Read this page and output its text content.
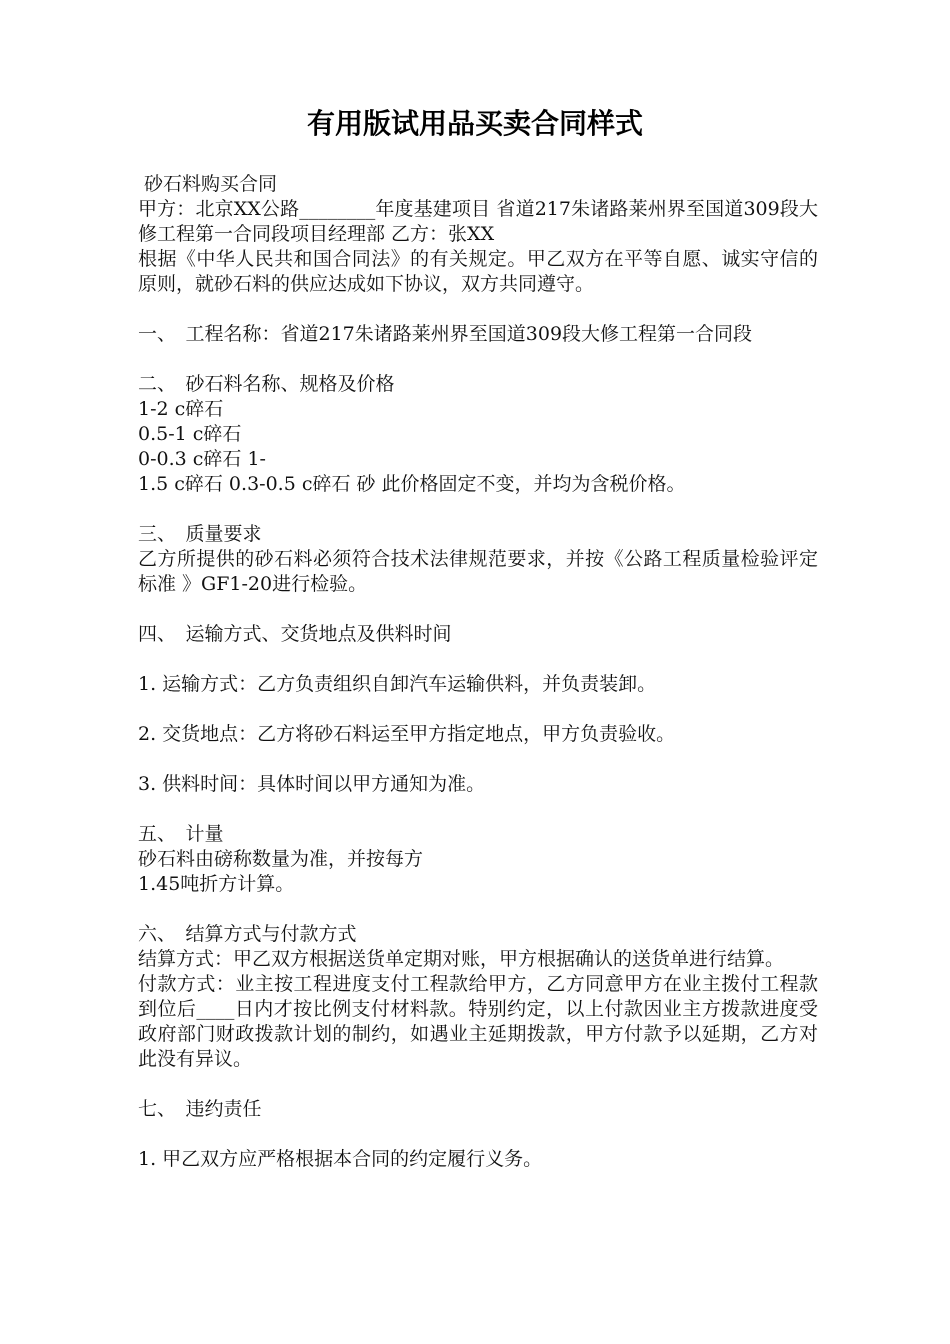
有用版试用品买卖合同样式

砂石料购买合同

甲方：北京XX公路________年度基建项目 省道217朱诸路莱州界至国道309段大修工程第一合同段项目经理部 乙方：张XX

根据《中华人民共和国合同法》的有关规定。甲乙双方在平等自愿、诚实守信的原则，就砂石料的供应达成如下协议，双方共同遵守。

一、　工程名称：省道217朱诸路莱州界至国道309段大修工程第一合同段

二、　砂石料名称、规格及价格

1-2 c碎石

0.5-1 c碎石

0-0.3 c碎石 1-

1.5 c碎石 0.3-0.5 c碎石 砂 此价格固定不变，并均为含税价格。

三、　质量要求

乙方所提供的砂石料必须符合技术法律规范要求，并按《公路工程质量检验评定标准 》GF1-20进行检验。

四、　运输方式、交货地点及供料时间

1. 运输方式：乙方负责组织自卸汽车运输供料，并负责装卸。

2. 交货地点：乙方将砂石料运至甲方指定地点，甲方负责验收。

3. 供料时间：具体时间以甲方通知为准。

五、　计量

砂石料由磅称数量为准，并按每方

1.45吨折方计算。

六、　结算方式与付款方式

结算方式：甲乙双方根据送货单定期对账，甲方根据确认的送货单进行结算。

付款方式：业主按工程进度支付工程款给甲方，乙方同意甲方在业主拨付工程款到位后____日内才按比例支付材料款。特别约定，以上付款因业主方拨款进度受政府部门财政拨款计划的制约，如遇业主延期拨款，甲方付款予以延期，乙方对此没有异议。

七、　违约责任

1. 甲乙双方应严格根据本合同的约定履行义务。
